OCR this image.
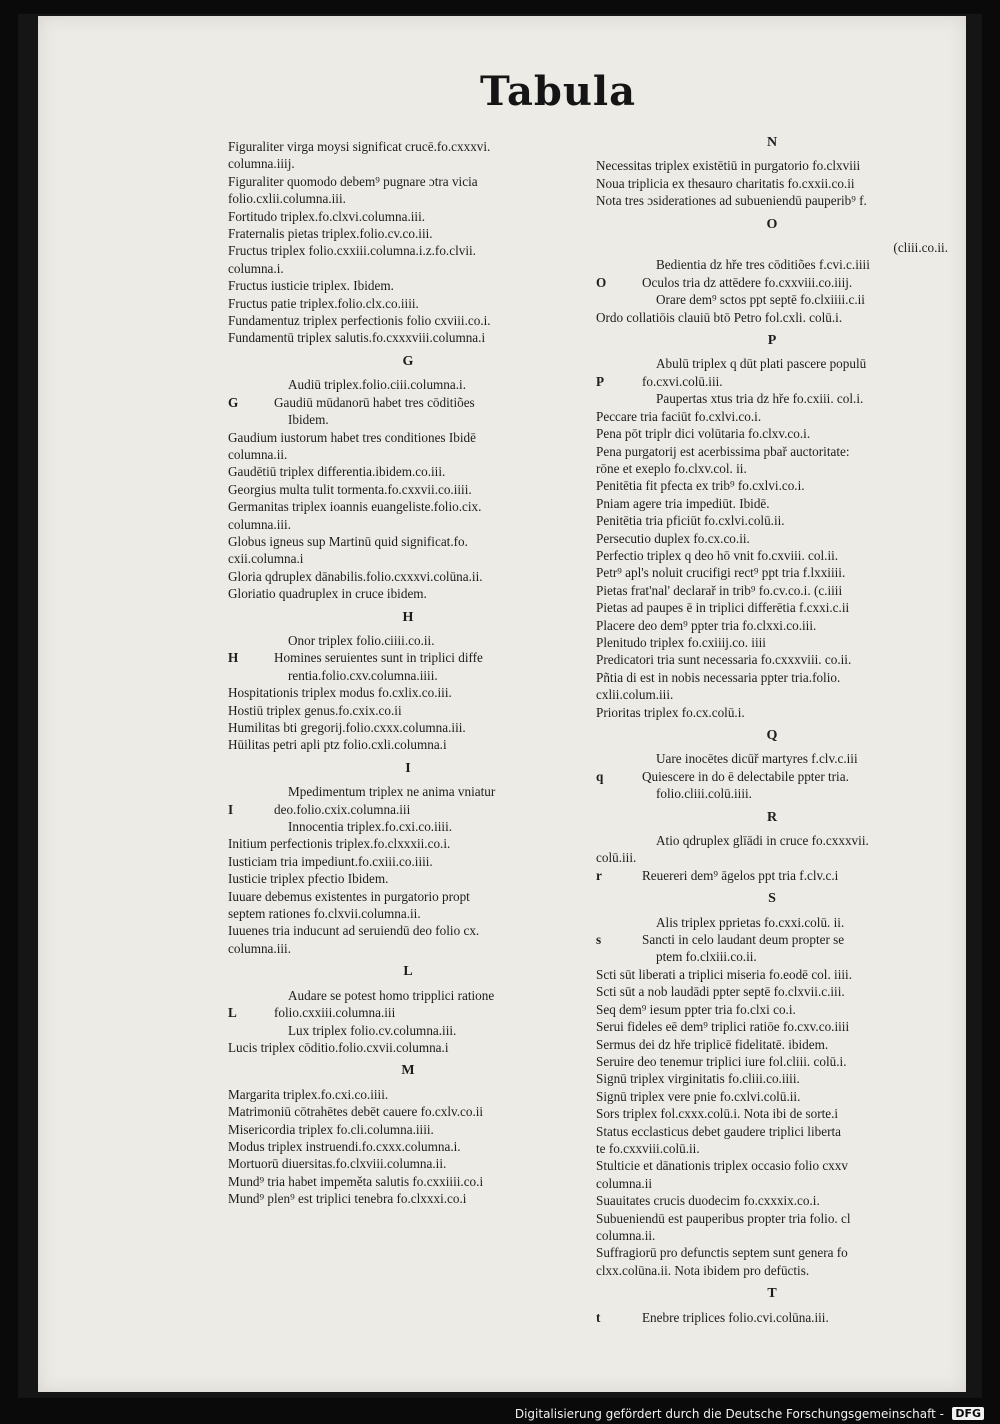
Tabula
Figuraliter virga moysi significat crucē.fo.cxxxvi.
columna.iiij.
Figuraliter quomodo debem⁹ pugnare ɔtra vicia
folio.cxlii.columna.iii.
Fortitudo triplex.fo.clxvi.columna.iii.
Fraternalis pietas triplex.folio.cv.co.iii.
Fructus triplex folio.cxxiii.columna.i.z.fo.clvii.
columna.i.
Fructus iusticie triplex. Ibidem.
Fructus patie triplex.folio.clx.co.iiii.
Fundamentuz triplex perfectionis folio cxviii.co.i.
Fundamentū triplex salutis.fo.cxxxviii.columna.i
G
Audiū triplex.folio.ciii.columna.i.
G	Gaudiū mūdanorū habet tres cōditiões
Ibidem.
Gaudium iustorum habet tres conditiones Ibidē
columna.ii.
Gaudētiū triplex differentia.ibidem.co.iii.
Georgius multa tulit tormenta.fo.cxxvii.co.iiii.
Germanitas triplex ioannis euangeliste.folio.cix.
columna.iii.
Globus igneus sup Martinū quid significat.fo.
cxii.columna.i
Gloria qdruplex dānabilis.folio.cxxxvi.colūna.ii.
Gloriatio quadruplex in cruce ibidem.
H
Onor triplex folio.ciiii.co.ii.
H	Homines seruientes sunt in triplici diffe
rentia.folio.cxv.columna.iiii.
Hospitationis triplex modus fo.cxlix.co.iii.
Hostiū triplex genus.fo.cxix.co.ii
Humilitas bti gregorij.folio.cxxx.columna.iii.
Hūilitas petri apli ptz folio.cxli.columna.i
I
Mpedimentum triplex ne anima vniatur
I	deo.folio.cxix.columna.iii
Innocentia triplex.fo.cxi.co.iiii.
Initium perfectionis triplex.fo.clxxxii.co.i.
Iusticiam tria impediunt.fo.cxiii.co.iiii.
Iusticie triplex pfectio Ibidem.
Iuuare debemus existentes in purgatorio propt
septem rationes fo.clxvii.columna.ii.
Iuuenes tria inducunt ad seruiendū deo folio cx.
columna.iii.
L
Audare se potest homo tripplici ratione
L	folio.cxxiii.columna.iii
Lux triplex folio.cv.columna.iii.
Lucis triplex cōditio.folio.cxvii.columna.i
M
Margarita triplex.fo.cxi.co.iiii.
Matrimoniū cōtrahētes debēt cauere fo.cxlv.co.ii
Misericordia triplex fo.cli.columna.iiii.
Modus triplex instruendi.fo.cxxx.columna.i.
Mortuorū diuersitas.fo.clxviii.columna.ii.
Mund⁹ tria habet impeměta salutis fo.cxxiiii.co.i
Mund⁹ plen⁹ est triplici tenebra fo.clxxxi.co.i
N
Necessitas triplex existētiū in purgatorio fo.clxviii
Noua triplicia ex thesauro charitatis fo.cxxii.co.ii
Nota tres ɔsiderationes ad subueniendū pauperib⁹ f.
O
(cliii.co.ii.
Bedientia dz hře tres cōditiões f.cvi.c.iiii
O	Oculos tria dz attēdere fo.cxxviii.co.iiij.
Orare dem⁹ sctos ppt septē fo.clxiiii.c.ii
Ordo collatiōis clauiū btō Petro fol.cxli. colū.i.
P
Abulū triplex q dūt plati pascere populū
P	fo.cxvi.colū.iii.
Paupertas xtus tria dz hře fo.cxiii. col.i.
Peccare tria faciūt fo.cxlvi.co.i.
Pena pōt triplr dici volūtaria fo.clxv.co.i.
Pena purgatorij est acerbissima pbař auctoritate:
rōne et exeplo fo.clxv.col. ii.
Penitētia fit pfecta ex trib⁹ fo.cxlvi.co.i.
Pniam agere tria impediūt. Ibidē.
Penitētia tria pficiūt fo.cxlvi.colū.ii.
Persecutio duplex fo.cx.co.ii.
Perfectio triplex q deo hō vnit fo.cxviii. col.ii.
Petr⁹ apl's noluit crucifigi rect⁹ ppt tria f.lxxiiii.
Pietas frat'nal' declarař in trib⁹ fo.cv.co.i. (c.iiii
Pietas ad paupes ē in triplici differētia f.cxxi.c.ii
Placere deo dem⁹ ppter tria fo.clxxi.co.iii.
Plenitudo triplex fo.cxiiij.co. iiii
Predicatori tria sunt necessaria fo.cxxxviii. co.ii.
Pñtia di est in nobis necessaria ppter tria.folio.
cxlii.colum.iii.
Prioritas triplex fo.cx.colū.i.
Q
Uare inocētes dicūř martyres f.clv.c.iii
q	Quiescere in do ē delectabile ppter tria.
folio.cliii.colū.iiii.
R
Atio qdruplex glīādi in cruce fo.cxxxvii.
colū.iii.
r	Reuereri dem⁹ āgelos ppt tria f.clv.c.i
S
Alis triplex pprietas fo.cxxi.colū. ii.
s	Sancti in celo laudant deum propter se
ptem fo.clxiii.co.ii.
Scti sūt liberati a triplici miseria fo.eodē col. iiii.
Scti sūt a nob laudādi ppter septē fo.clxvii.c.iii.
Seq dem⁹ iesum ppter tria fo.clxi co.i.
Serui fideles eē dem⁹ triplici ratiōe fo.cxv.co.iiii
Sermus dei dz hře triplicē fidelitatē. ibidem.
Seruire deo tenemur triplici iure fol.cliii. colū.i.
Signū triplex virginitatis fo.cliii.co.iiii.
Signū triplex vere pnie fo.cxlvi.colū.ii.
Sors triplex fol.cxxx.colū.i. Nota ibi de sorte.i
Status ecclasticus debet gaudere triplici liberta
te fo.cxxviii.colū.ii.
Stulticie et dānationis triplex occasio folio cxxv
columna.ii
Suauitates crucis duodecim fo.cxxxix.co.i.
Subueniendū est pauperibus propter tria folio. cl
columna.ii.
Suffragiorū pro defunctis septem sunt genera fo
clxx.colūna.ii. Nota ibidem pro defūctis.
T
t	Enebre triplices folio.cvi.colūna.iii.
Digitalisierung gefördert durch die Deutsche Forschungsgemeinschaft - DFG
